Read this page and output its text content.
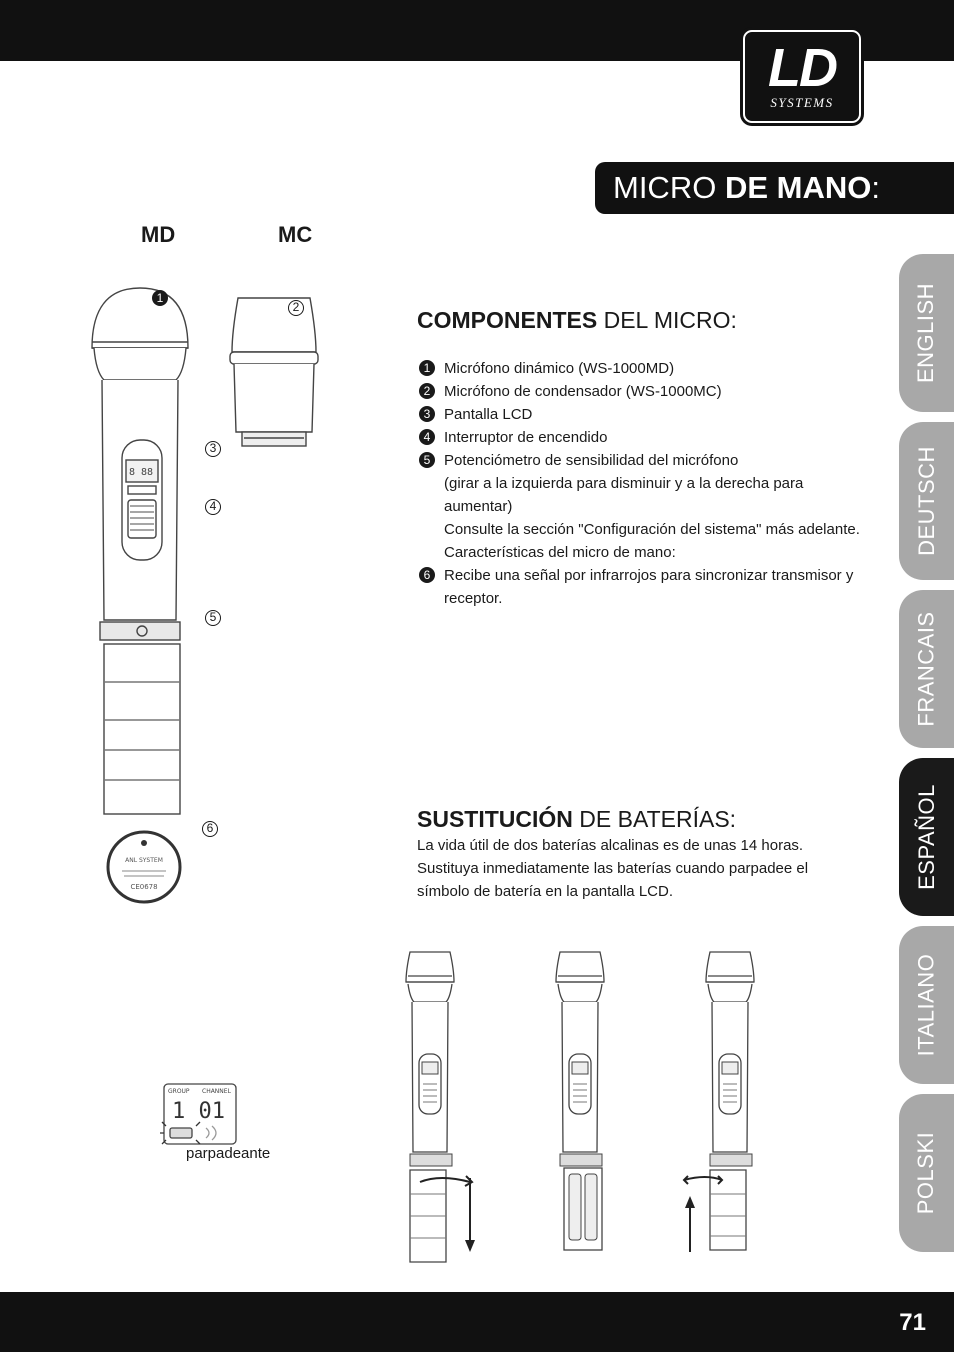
LD
SYSTEMS
MICRO DE MANO:
MD	MC
8 88
ANL SYSTEM
CE0678
1
2
3
4
5
6
COMPONENTES DEL MICRO:
1 Micrófono dinámico (WS-1000MD)
2 Micrófono de condensador (WS-1000MC)
3 Pantalla LCD
4 Interruptor de encendido
5 Potenciómetro de sensibilidad del micrófono
(girar a la izquierda para disminuir y a la derecha para aumentar)
Consulte la sección "Configuración del sistema" más adelante.
Características del micro de mano:
6 Recibe una señal por infrarrojos para sincronizar transmisor y receptor.
SUSTITUCIÓN DE BATERÍAS:
La vida útil de dos baterías alcalinas es de unas 14 horas. Sustituya inmediatamente las baterías cuando parpadee el símbolo de batería en la pantalla LCD.
GROUP CHANNEL
1 01
parpadeante
ENGLISH
DEUTSCH
FRANCAIS
ESPAÑOL
ITALIANO
POLSKI
71
